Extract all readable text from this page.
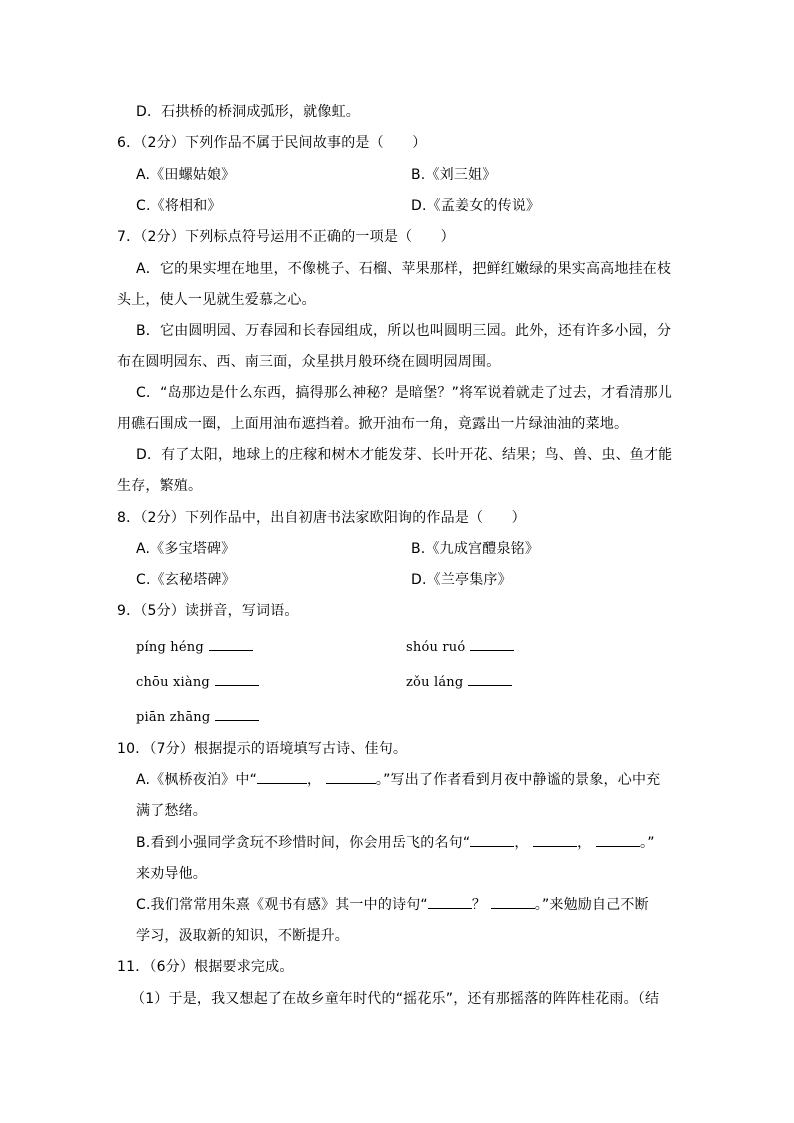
D．石拱桥的桥洞成弧形，就像虹。
6．（2分）下列作品不属于民间故事的是（　　）
A.《田螺姑娘》	B.《刘三姐》
C.《将相和》	D.《孟姜女的传说》
7．（2分）下列标点符号运用不正确的一项是（　　）
A．它的果实埋在地里，不像桃子、石榴、苹果那样，把鲜红嫩绿的果实高高地挂在枝
头上，使人一见就生爱慕之心。
B．它由圆明园、万春园和长春园组成，所以也叫圆明三园。此外，还有许多小园，分
布在圆明园东、西、南三面，众星拱月般环绕在圆明园周围。
C．“岛那边是什么东西，搞得那么神秘？是暗堡？”将军说着就走了过去，才看清那儿
用礁石围成一圈，上面用油布遮挡着。掀开油布一角，竟露出一片绿油油的菜地。
D．有了太阳，地球上的庄稼和树木才能发芽、长叶开花、结果；鸟、兽、虫、鱼才能
生存，繁殖。
8．（2分）下列作品中，出自初唐书法家欧阳询的作品是（　　）
A.《多宝塔碑》	B.《九成宫醴泉铭》
C.《玄秘塔碑》	D.《兰亭集序》
9．（5分）读拼音，写词语。
píng héng	shóu ruó
chōu xiàng	zǒu láng
piān zhāng
10．（7分）根据提示的语境填写古诗、佳句。
A.《枫桥夜泊》中“	，	。”写出了作者看到月夜中静谧的景象，心中充
满了愁绪。
B.看到小强同学贪玩不珍惜时间，你会用岳飞的名句“	，	，	。”
来劝导他。
C.我们常常用朱熹《观书有感》其一中的诗句“	？	。”来勉励自己不断
学习，汲取新的知识，不断提升。
11．（6分）根据要求完成。
（1）于是，我又想起了在故乡童年时代的“摇花乐”，还有那摇落的阵阵桂花雨。（结
